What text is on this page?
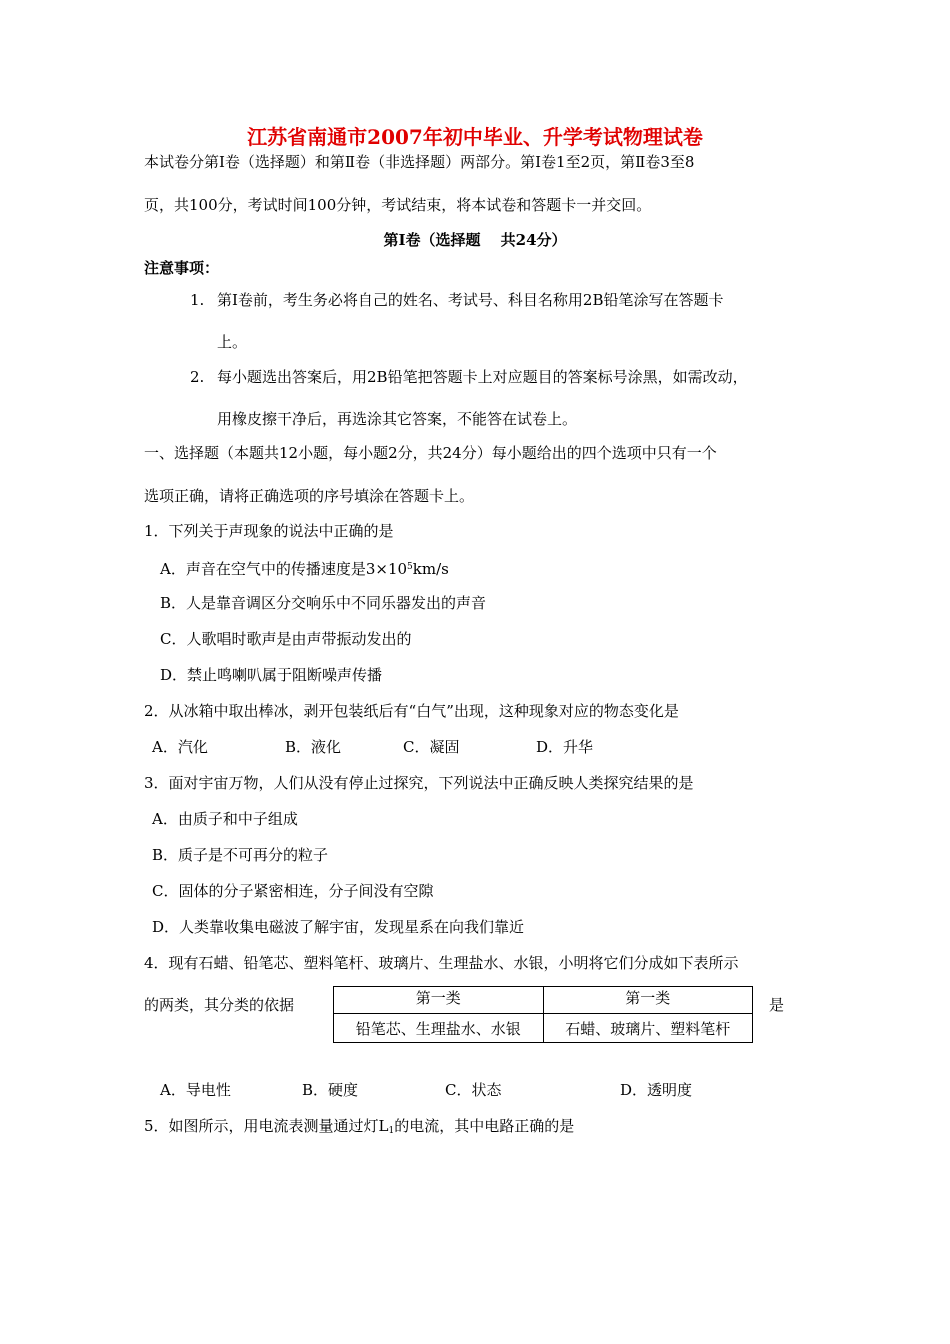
江苏省南通市2007年初中毕业、升学考试物理试卷
本试卷分第Ⅰ卷（选择题）和第Ⅱ卷（非选择题）两部分。第Ⅰ卷1至2页，第Ⅱ卷3至8
页，共100分，考试时间100分钟，考试结束，将本试卷和答题卡一并交回。
第Ⅰ卷（选择题　 共24分）
注意事项：
1. 第Ⅰ卷前，考生务必将自己的姓名、考试号、科目名称用2B铅笔涂写在答题卡
上。
2. 每小题选出答案后，用2B铅笔把答题卡上对应题目的答案标号涂黑，如需改动，
用橡皮擦干净后，再选涂其它答案，不能答在试卷上。
一、选择题（本题共12小题，每小题2分，共24分）每小题给出的四个选项中只有一个
选项正确，请将正确选项的序号填涂在答题卡上。
1．下列关于声现象的说法中正确的是
A．声音在空气中的传播速度是$3\times 10^5km/s$
B．人是靠音调区分交响乐中不同乐器发出的声音
C．人歌唱时歌声是由声带振动发出的
D．禁止鸣喇叭属于阻断噪声传播
2．从冰箱中取出棒冰，剥开包装纸后有“白气”出现，这种现象对应的物态变化是
A．汽化	B．液化	C．凝固	D．升华
3．面对宇宙万物，人们从没有停止过探究，下列说法中正确反映人类探究结果的是
A．由质子和中子组成
B．质子是不可再分的粒子
C．固体的分子紧密相连，分子间没有空隙
D．人类靠收集电磁波了解宇宙，发现星系在向我们靠近
4．现有石蜡、铅笔芯、塑料笔杆、玻璃片、生理盐水、水银，小明将它们分成如下表所示
的两类，其分类的依据	第一类	第一类
铅笔芯、生理盐水、水银	石蜡、玻璃片、塑料笔杆
是
A．导电性	B．硬度	C．状态	D．透明度
5．如图所示，用电流表测量通过灯$L_1$的电流，其中电路正确的是
